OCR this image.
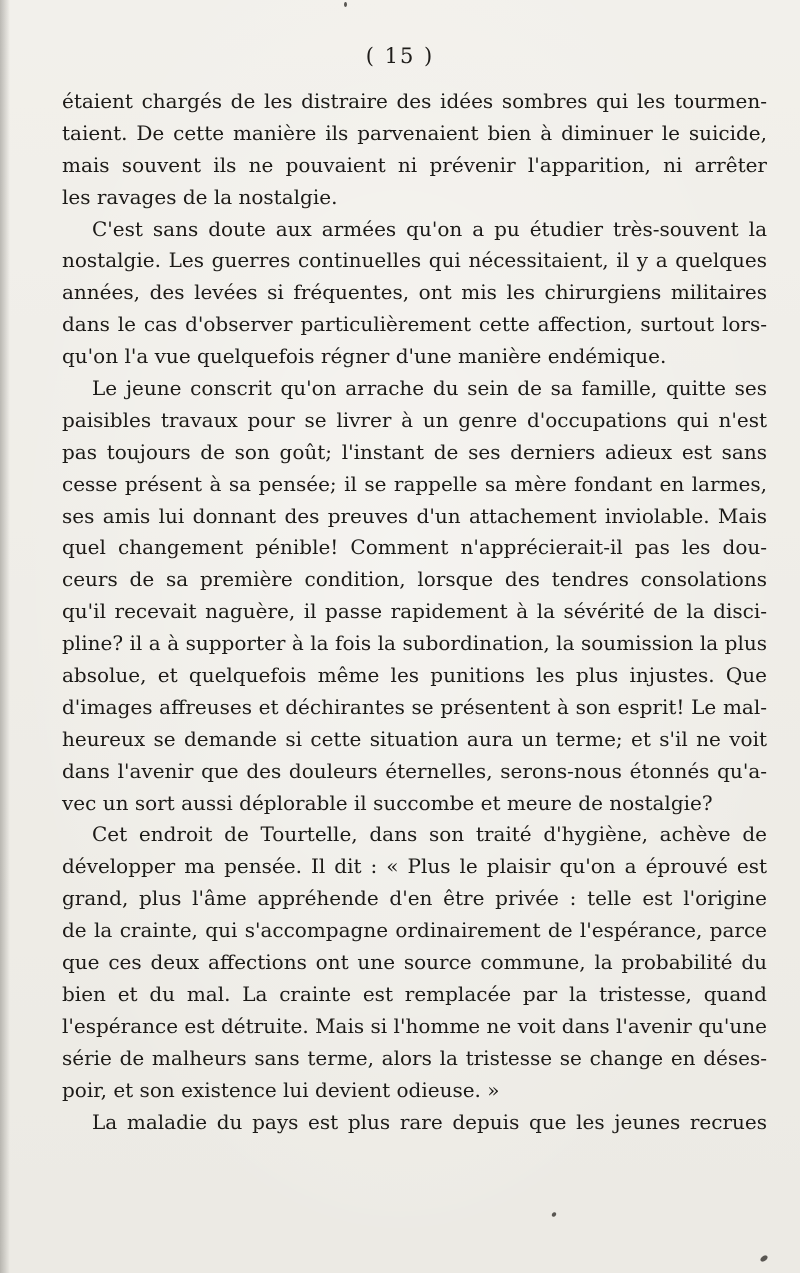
( 15 )
étaient chargés de les distraire des idées sombres qui les tourmen-
taient. De cette manière ils parvenaient bien à diminuer le suicide,
mais souvent ils ne pouvaient ni prévenir l'apparition, ni arrêter
les ravages de la nostalgie.
C'est sans doute aux armées qu'on a pu étudier très-souvent la
nostalgie. Les guerres continuelles qui nécessitaient, il y a quelques
années, des levées si fréquentes, ont mis les chirurgiens militaires
dans le cas d'observer particulièrement cette affection, surtout lors-
qu'on l'a vue quelquefois régner d'une manière endémique.
Le jeune conscrit qu'on arrache du sein de sa famille, quitte ses
paisibles travaux pour se livrer à un genre d'occupations qui n'est
pas toujours de son goût; l'instant de ses derniers adieux est sans
cesse présent à sa pensée; il se rappelle sa mère fondant en larmes,
ses amis lui donnant des preuves d'un attachement inviolable. Mais
quel changement pénible! Comment n'apprécierait-il pas les dou-
ceurs de sa première condition, lorsque des tendres consolations
qu'il recevait naguère, il passe rapidement à la sévérité de la disci-
pline? il a à supporter à la fois la subordination, la soumission la plus
absolue, et quelquefois même les punitions les plus injustes. Que
d'images affreuses et déchirantes se présentent à son esprit! Le mal-
heureux se demande si cette situation aura un terme; et s'il ne voit
dans l'avenir que des douleurs éternelles, serons-nous étonnés qu'a-
vec un sort aussi déplorable il succombe et meure de nostalgie?
Cet endroit de Tourtelle, dans son traité d'hygiène, achève de
développer ma pensée. Il dit : « Plus le plaisir qu'on a éprouvé est
grand, plus l'âme appréhende d'en être privée : telle est l'origine
de la crainte, qui s'accompagne ordinairement de l'espérance, parce
que ces deux affections ont une source commune, la probabilité du
bien et du mal. La crainte est remplacée par la tristesse, quand
l'espérance est détruite. Mais si l'homme ne voit dans l'avenir qu'une
série de malheurs sans terme, alors la tristesse se change en déses-
poir, et son existence lui devient odieuse. »
La maladie du pays est plus rare depuis que les jeunes recrues
